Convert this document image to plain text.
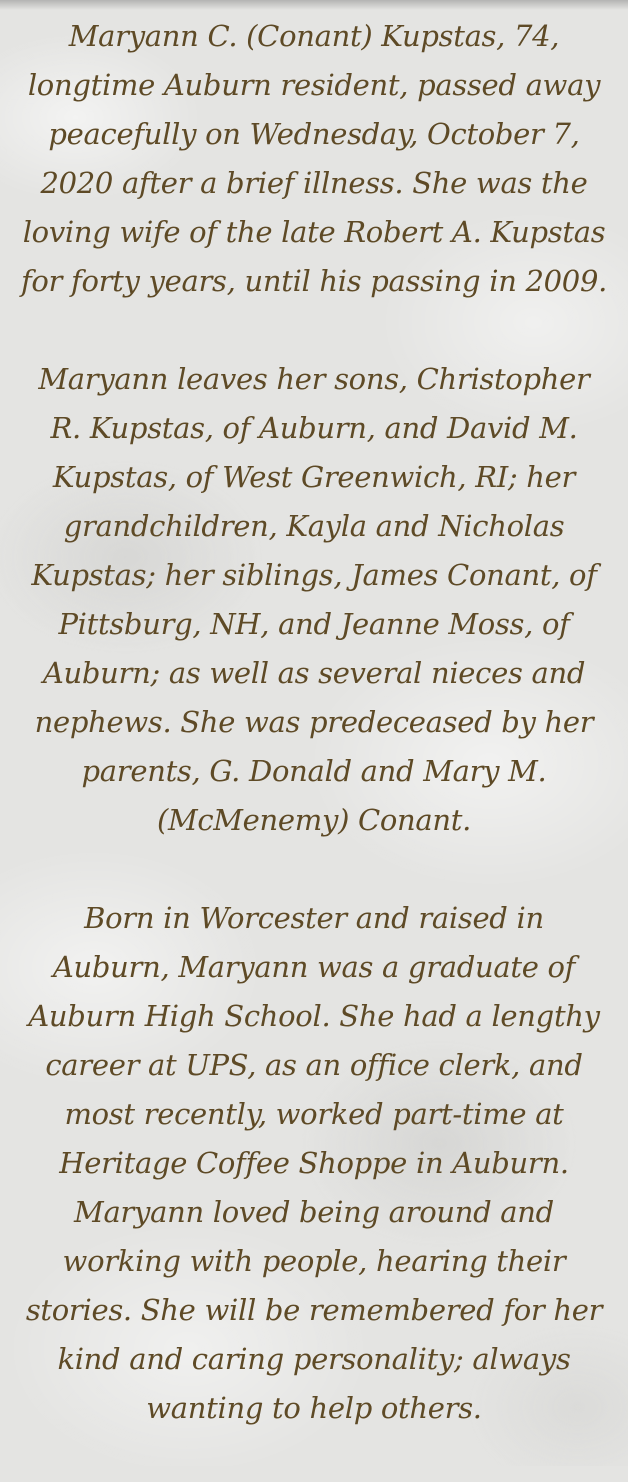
Maryann C. (Conant) Kupstas, 74,
longtime Auburn resident, passed away
peacefully on Wednesday, October 7,
2020 after a brief illness. She was the
loving wife of the late Robert A. Kupstas
for forty years, until his passing in 2009.

Maryann leaves her sons, Christopher
R. Kupstas, of Auburn, and David M.
Kupstas, of West Greenwich, RI; her
grandchildren, Kayla and Nicholas
Kupstas; her siblings, James Conant, of
Pittsburg, NH, and Jeanne Moss, of
Auburn; as well as several nieces and
nephews. She was predeceased by her
parents, G. Donald and Mary M.
(McMenemy) Conant.

Born in Worcester and raised in
Auburn, Maryann was a graduate of
Auburn High School. She had a lengthy
career at UPS, as an office clerk, and
most recently, worked part-time at
Heritage Coffee Shoppe in Auburn.
Maryann loved being around and
working with people, hearing their
stories. She will be remembered for her
kind and caring personality; always
wanting to help others.
